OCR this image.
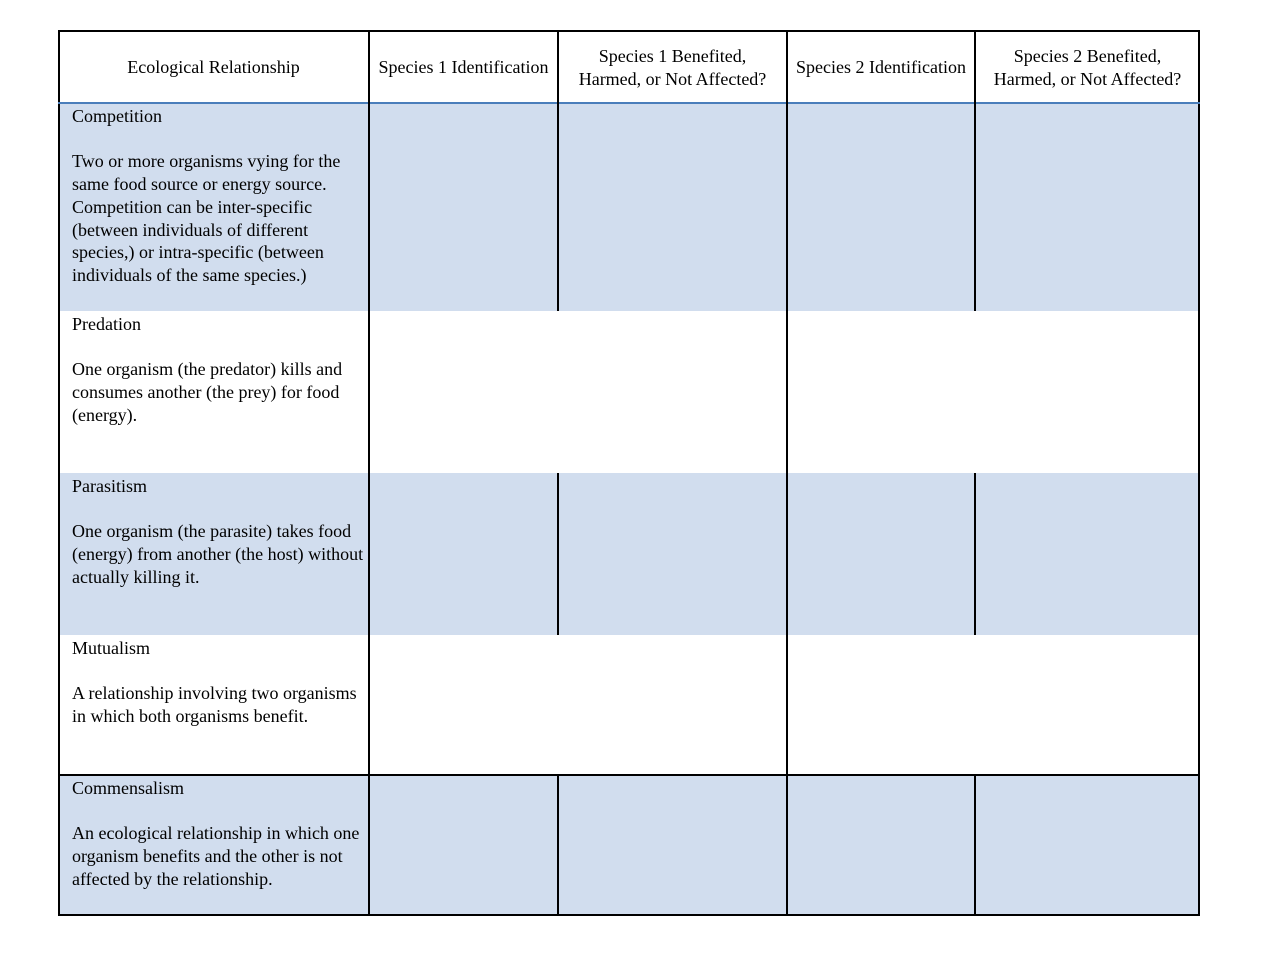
Ecological Relationship	Species 1 Identification
Species 1 Benefited,
Harmed, or Not Affected?
Species 2 Identification
Species 2 Benefited,
Harmed, or Not Affected?
Competition
Two or more organisms vying for the same food source or energy source. Competition can be inter-specific (between individuals of different species,) or intra-specific (between individuals of the same species.)
Predation
One organism (the predator) kills and consumes another (the prey) for food (energy).
Parasitism
One organism (the parasite) takes food (energy) from another (the host) without actually killing it.
Mutualism
A relationship involving two organisms in which both organisms benefit.
Commensalism
An ecological relationship in which one organism benefits and the other is not affected by the relationship.
